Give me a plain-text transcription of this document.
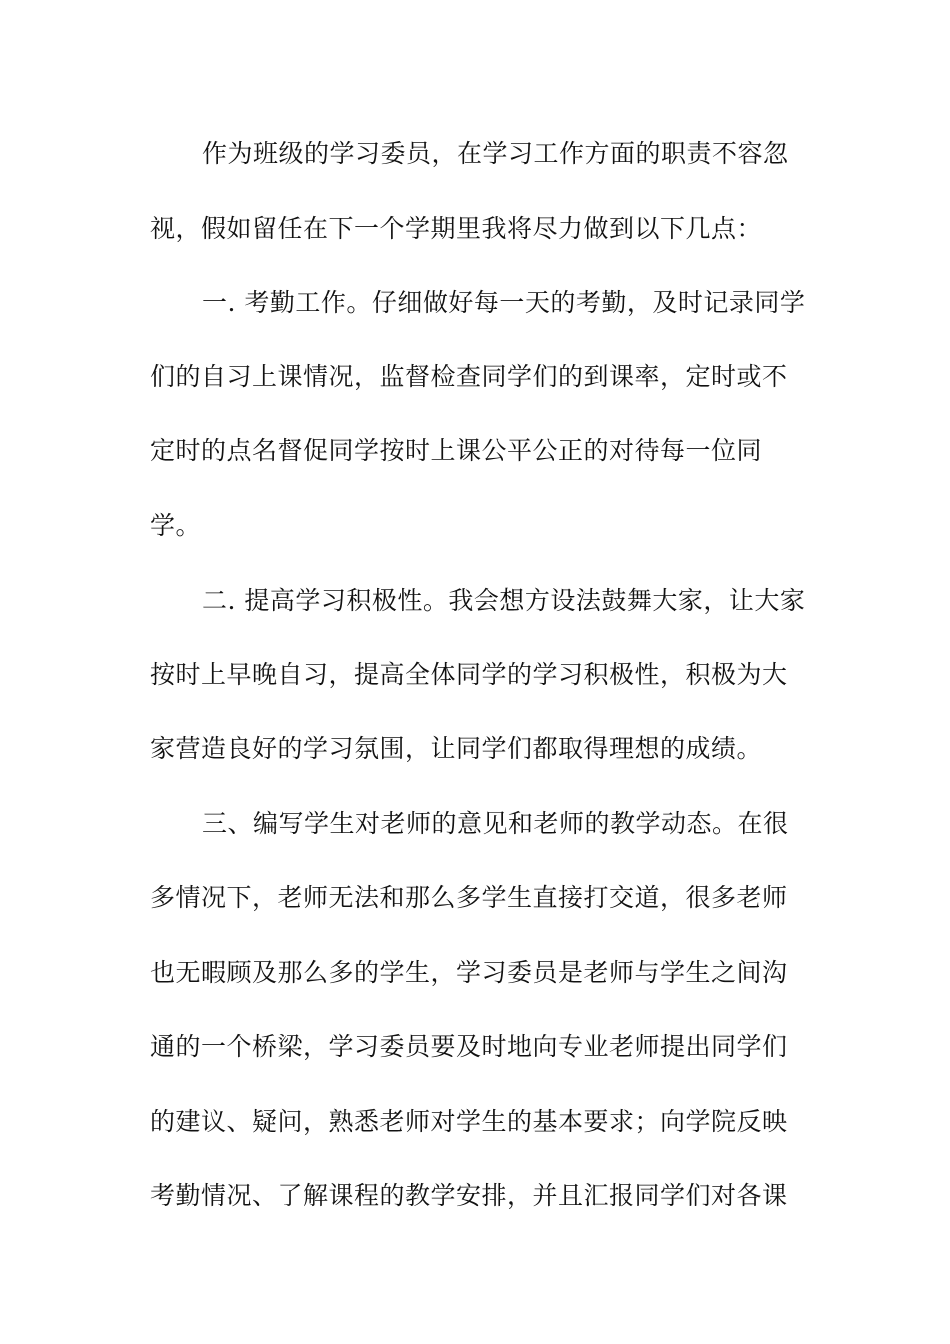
作为班级的学习委员，在学习工作方面的职责不容忽
视，假如留任在下一个学期里我将尽力做到以下几点：
一. 考勤工作。仔细做好每一天的考勤，及时记录同学
们的自习上课情况，监督检查同学们的到课率，定时或不
定时的点名督促同学按时上课公平公正的对待每一位同
学。
二. 提高学习积极性。我会想方设法鼓舞大家，让大家
按时上早晚自习，提高全体同学的学习积极性，积极为大
家营造良好的学习氛围，让同学们都取得理想的成绩。
三、编写学生对老师的意见和老师的教学动态。在很
多情况下，老师无法和那么多学生直接打交道，很多老师
也无暇顾及那么多的学生，学习委员是老师与学生之间沟
通的一个桥梁，学习委员要及时地向专业老师提出同学们
的建议、疑问，熟悉老师对学生的基本要求；向学院反映
考勤情况、了解课程的教学安排，并且汇报同学们对各课
